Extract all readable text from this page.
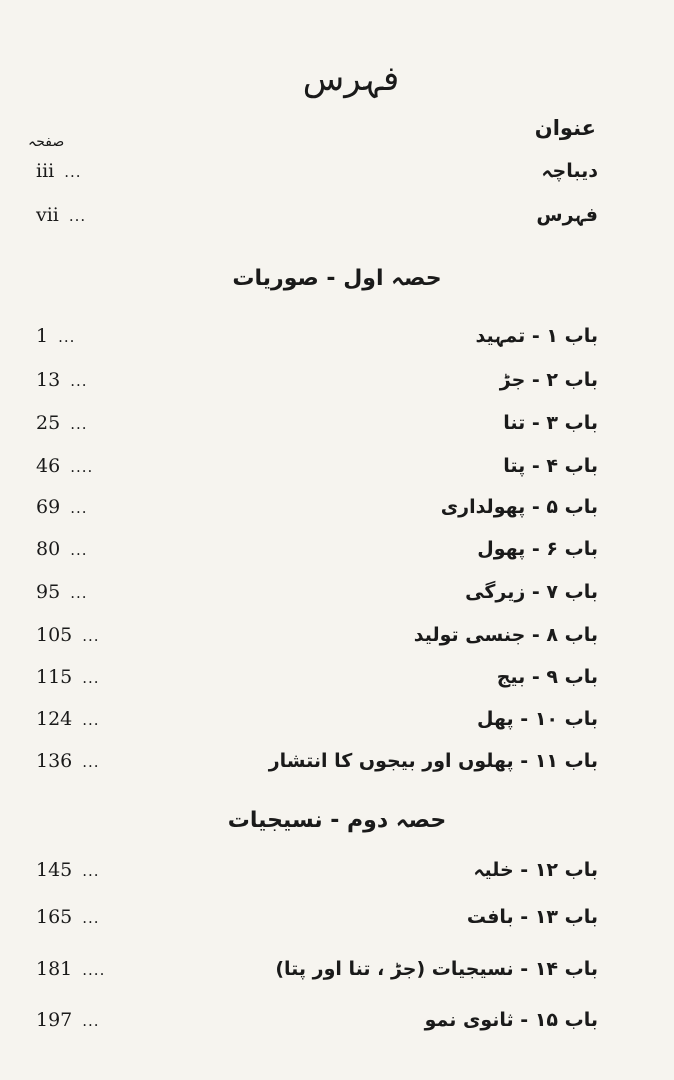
فہرس
عنوان
صفحہ
دیباچہ
iii ...
فہرس
vii ...
حصہ اول - صوریات
باب ۱ - تمہید
1 ...
باب ۲ - جڑ
13 ...
باب ۳ - تنا
25 ...
باب ۴ - پتا
46 ....
باب ۵ - پھولداری
69 ...
باب ۶ - پھول
80 ...
باب ۷ - زیرگی
95 ...
باب ۸ - جنسی تولید
105 ...
باب ۹ - بیج
115 ...
باب ۱۰ - پھل
124 ...
باب ۱۱ - پھلوں اور بیجوں کا انتشار
136 ...
حصہ دوم - نسیجیات
باب ۱۲ - خلیہ
145 ...
باب ۱۳ - بافت
165 ...
باب ۱۴ - نسیجیات (جڑ ، تنا اور پتا)
181 ....
باب ۱۵ - ثانوی نمو
197 ...
